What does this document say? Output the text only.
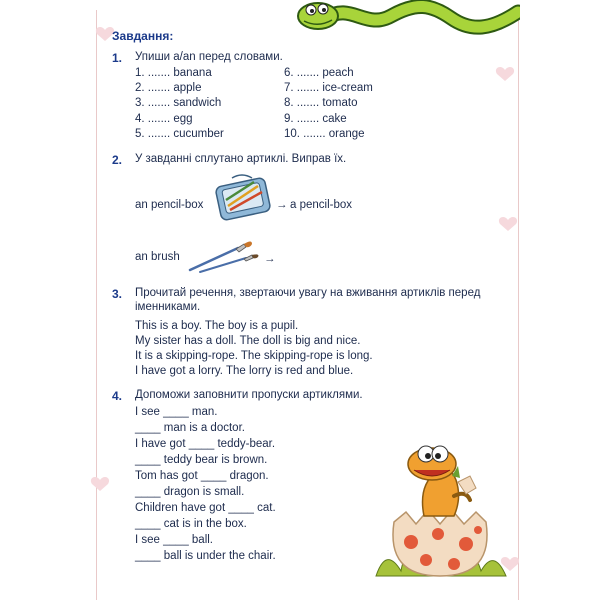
Завдання:
1. Упиши a/an перед словами.
1. ....... banana
2. ....... apple
3. ....... sandwich
4. ....... egg
5. ....... cucumber
6. ....... peach
7. ....... ice-cream
8. ....... tomato
9. ....... cake
10. ....... orange
2. У завданні сплутано артиклі. Виправ їх.
an pencil-box	→ a pencil-box
an brush	→
3. Прочитай речення, звертаючи увагу на вживання артиклів перед
іменниками.
This is a boy. The boy is a pupil.
My sister has a doll. The doll is big and nice.
It is a skipping-rope. The skipping-rope is long.
I have got a lorry. The lorry is red and blue.
4. Допоможи заповнити пропуски артиклями.
I see ____ man.
____ man is a doctor.
I have got ____ teddy-bear.
____ teddy bear is brown.
Tom has got ____ dragon.
____ dragon is small.
Children have got ____ cat.
____ cat is in the box.
I see ____ ball.
____ ball is under the chair.
